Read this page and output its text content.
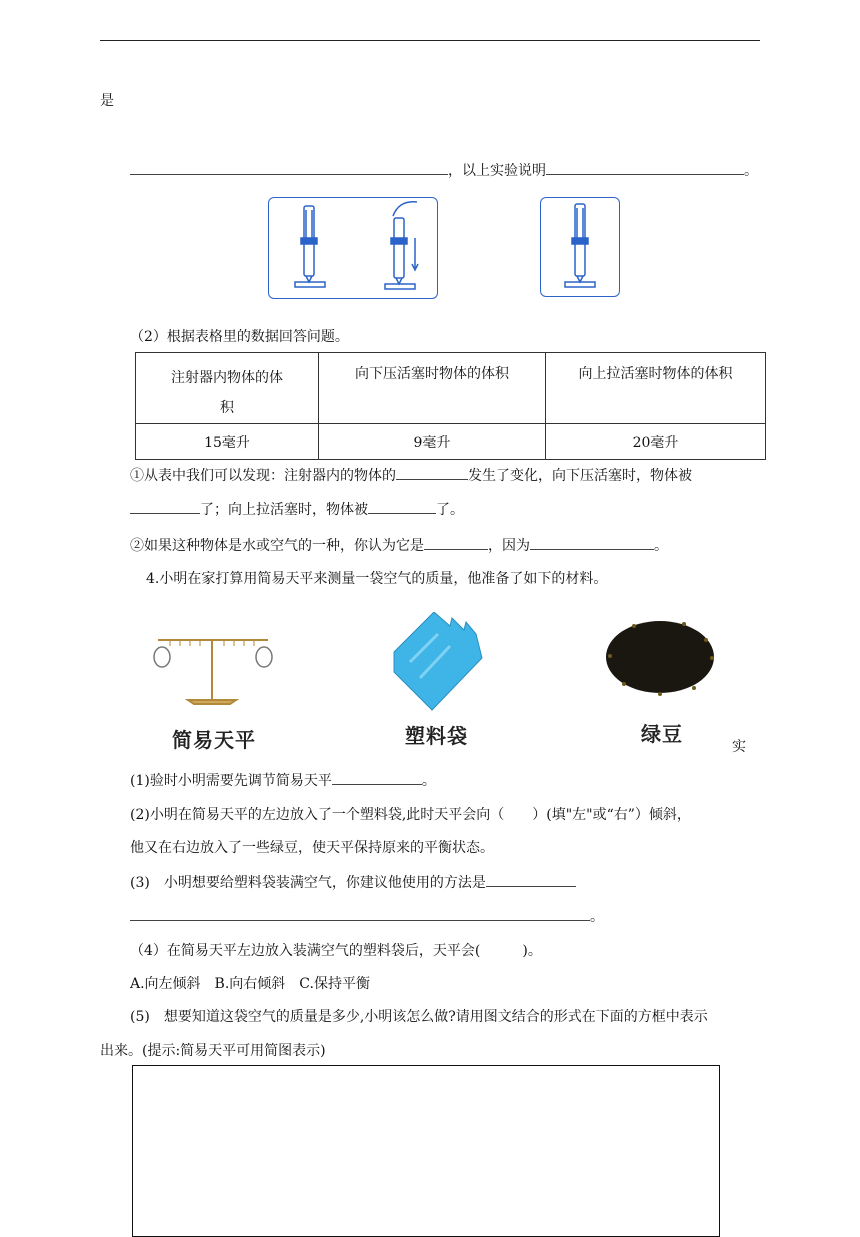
是
，以上实验说明	。
（2）根据表格里的数据回答问题。
注射器内物体的体
积	向下压活塞时物体的体积	向上拉活塞时物体的体积
15毫升	9毫升	20毫升
①从表中我们可以发现：注射器内的物体的	发生了变化，向下压活塞时，物体被
了；向上拉活塞时，物体被	了。
②如果这种物体是水或空气的一种，你认为它是	，因为	。
4.小明在家打算用简易天平来测量一袋空气的质量，他准备了如下的材料。
简易天平	塑料袋	绿豆
实
(1)验时小明需要先调节简易天平	。
(2)小明在简易天平的左边放入了一个塑料袋,此时天平会向（　　）(填"左"或“右”）倾斜，
他又在右边放入了一些绿豆，使天平保持原来的平衡状态。
(3)　小明想要给塑料袋装满空气，你建议他使用的方法是
。
（4）在简易天平左边放入装满空气的塑料袋后，天平会(　　　)。
A.向左倾斜　B.向右倾斜　C.保持平衡
(5)　想要知道这袋空气的质量是多少,小明该怎么做?请用图文结合的形式在下面的方框中表示
出来。(提示:简易天平可用简图表示)
